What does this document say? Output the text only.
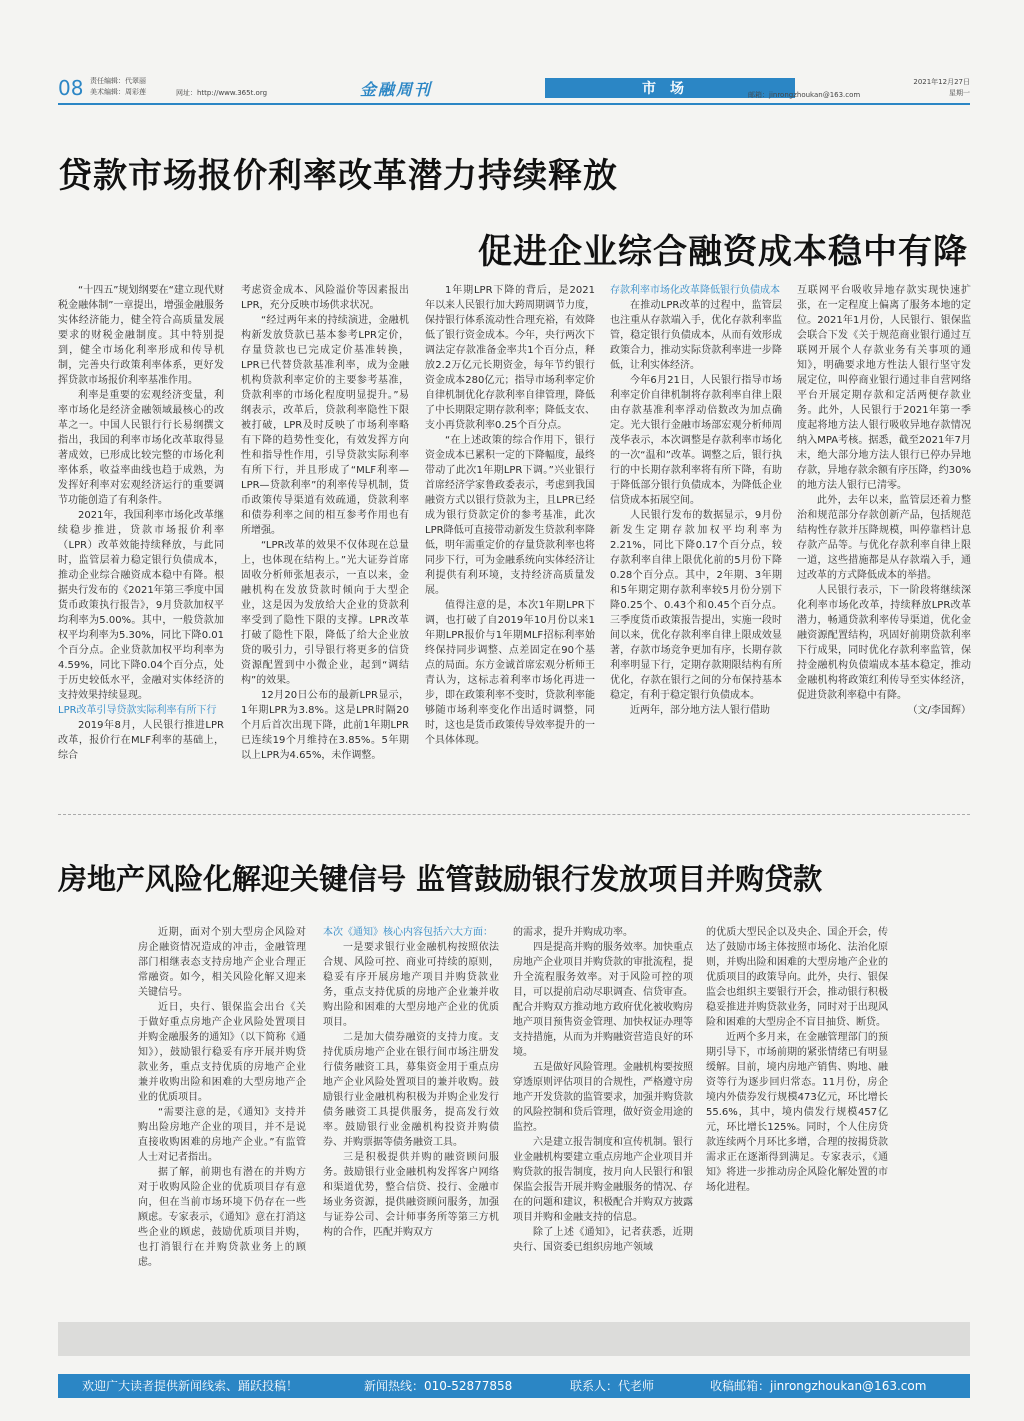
08 责任编辑：代翠丽
美术编辑：周彩莲	网址：http://www.365t.org	金融周刊	市场	邮箱：jinrongzhoukan@163.com
2021年12月27日
星期一
贷款市场报价利率改革潜力持续释放
促进企业综合融资成本稳中有降

“十四五”规划纲要在“建立现代财税金融体制”一章提出，增强金融服务实体经济能力，健全符合高质量发展要求的财税金融制度。其中特别提到，健全市场化利率形成和传导机制，完善央行政策利率体系，更好发挥贷款市场报价利率基准作用。

利率是重要的宏观经济变量，利率市场化是经济金融领域最核心的改革之一。中国人民银行行长易纲撰文指出，我国的利率市场化改革取得显著成效，已形成比较完整的市场化利率体系，收益率曲线也趋于成熟，为发挥好利率对宏观经济运行的重要调节功能创造了有利条件。

2021年，我国利率市场化改革继续稳步推进，贷款市场报价利率（LPR）改革效能持续释放，与此同时，监管层着力稳定银行负债成本，推动企业综合融资成本稳中有降。根据央行发布的《2021年第三季度中国货币政策执行报告》，9月贷款加权平均利率为5.00%。其中，一般贷款加权平均利率为5.30%，同比下降0.01个百分点。企业贷款加权平均利率为4.59%，同比下降0.04个百分点，处于历史较低水平，金融对实体经济的支持效果持续显现。

LPR改革引导贷款实际利率有所下行

2019年8月，人民银行推进LPR改革，报价行在MLF利率的基础上，综合

考虑资金成本、风险溢价等因素报出LPR，充分反映市场供求状况。

“经过两年来的持续演进，金融机构新发放贷款已基本参考LPR定价，存量贷款也已完成定价基准转换，LPR已代替贷款基准利率，成为金融机构贷款利率定价的主要参考基准，贷款利率的市场化程度明显提升。”易纲表示，改革后，贷款利率隐性下限被打破，LPR及时反映了市场利率略有下降的趋势性变化，有效发挥方向性和指导性作用，引导贷款实际利率有所下行，并且形成了“MLF利率—LPR—贷款利率”的利率传导机制，货币政策传导渠道有效疏通，贷款利率和债券利率之间的相互参考作用也有所增强。

“LPR改革的效果不仅体现在总量上，也体现在结构上。”光大证券首席固收分析师张旭表示，一直以来，金融机构在发放贷款时倾向于大型企业，这是因为发放给大企业的贷款利率受到了隐性下限的支撑。LPR改革打破了隐性下限，降低了给大企业放贷的吸引力，引导银行将更多的信贷资源配置到中小微企业，起到“调结构”的效果。

12月20日公布的最新LPR显示，1年期LPR为3.8%。这是LPR时隔20个月后首次出现下降，此前1年期LPR已连续19个月维持在3.85%。5年期以上LPR为4.65%，未作调整。

1年期LPR下降的背后，是2021年以来人民银行加大跨周期调节力度，保持银行体系流动性合理充裕，有效降低了银行资金成本。今年，央行两次下调法定存款准备金率共1个百分点，释放2.2万亿元长期资金，每年节约银行资金成本280亿元；指导市场利率定价自律机制优化存款利率自律管理，降低了中长期限定期存款利率；降低支农、支小再贷款利率0.25个百分点。

“在上述政策的综合作用下，银行资金成本已累积一定的下降幅度，最终带动了此次1年期LPR下调。”兴业银行首席经济学家鲁政委表示，考虑到我国融资方式以银行贷款为主，且LPR已经成为银行贷款定价的参考基准，此次LPR降低可直接带动新发生贷款利率降低，明年需重定价的存量贷款利率也将同步下行，可为金融系统向实体经济让利提供有利环境，支持经济高质量发展。

值得注意的是，本次1年期LPR下调，也打破了自2019年10月份以来1年期LPR报价与1年期MLF招标利率始终保持同步调整、点差固定在90个基点的局面。东方金诚首席宏观分析师王青认为，这标志着利率市场化再进一步，即在政策利率不变时，贷款利率能够随市场利率变化作出适时调整，同时，这也是货币政策传导效率提升的一个具体体现。

存款利率市场化改革降低银行负债成本

在推动LPR改革的过程中，监管层也注重从存款端入手，优化存款利率监管，稳定银行负债成本，从而有效形成政策合力，推动实际贷款利率进一步降低，让利实体经济。

今年6月21日，人民银行指导市场利率定价自律机制将存款利率自律上限由存款基准利率浮动倍数改为加点确定。光大银行金融市场部宏观分析师周茂华表示，本次调整是存款利率市场化的一次“温和”改革。调整之后，银行执行的中长期存款利率将有所下降，有助于降低部分银行负债成本，为降低企业信贷成本拓展空间。

人民银行发布的数据显示，9月份新发生定期存款加权平均利率为2.21%，同比下降0.17个百分点，较存款利率自律上限优化前的5月份下降0.28个百分点。其中，2年期、3年期和5年期定期存款利率较5月份分别下降0.25个、0.43个和0.45个百分点。三季度货币政策报告提出，实施一段时间以来，优化存款利率自律上限成效显著，存款市场竞争更加有序，长期存款利率明显下行，定期存款期限结构有所优化，存款在银行之间的分布保持基本稳定，有利于稳定银行负债成本。

近两年，部分地方法人银行借助

互联网平台吸收异地存款实现快速扩张，在一定程度上偏离了服务本地的定位。2021年1月份，人民银行、银保监会联合下发《关于规范商业银行通过互联网开展个人存款业务有关事项的通知》，明确要求地方性法人银行坚守发展定位，叫停商业银行通过非自营网络平台开展定期存款和定活两便存款业务。此外，人民银行于2021年第一季度起将地方法人银行吸收异地存款情况纳入MPA考核。据悉，截至2021年7月末，绝大部分地方法人银行已停办异地存款，异地存款余额有序压降，约30%的地方法人银行已清零。

此外，去年以来，监管层还着力整治和规范部分存款创新产品，包括规范结构性存款并压降规模，叫停靠档计息存款产品等。与优化存款利率自律上限一道，这些措施都是从存款端入手，通过改革的方式降低成本的举措。

人民银行表示，下一阶段将继续深化利率市场化改革，持续释放LPR改革潜力，畅通贷款利率传导渠道，优化金融资源配置结构，巩固好前期贷款利率下行成果，同时优化存款利率监管，保持金融机构负债端成本基本稳定，推动金融机构将政策红利传导至实体经济，促进贷款利率稳中有降。

（文/李国辉）

房地产风险化解迎关键信号 监管鼓励银行发放项目并购贷款

近期，面对个别大型房企风险对房企融资情况造成的冲击，金融管理部门相继表态支持房地产企业合理正常融资。如今，相关风险化解又迎来关键信号。

近日，央行、银保监会出台《关于做好重点房地产企业风险处置项目并购金融服务的通知》（以下简称《通知》），鼓励银行稳妥有序开展并购贷款业务，重点支持优质的房地产企业兼并收购出险和困难的大型房地产企业的优质项目。

“需要注意的是，《通知》支持并购出险房地产企业的项目，并不是说直接收购困难的房地产企业。”有监管人士对记者指出。

据了解，前期也有潜在的并购方对于收购风险企业的优质项目存有意向，但在当前市场环境下仍存在一些顾虑。专家表示，《通知》意在打消这些企业的顾虑，鼓励优质项目并购，也打消银行在并购贷款业务上的顾虑。

本次《通知》核心内容包括六大方面：

一是要求银行业金融机构按照依法合规、风险可控、商业可持续的原则，稳妥有序开展房地产项目并购贷款业务，重点支持优质的房地产企业兼并收购出险和困难的大型房地产企业的优质项目。

二是加大债券融资的支持力度。支持优质房地产企业在银行间市场注册发行债务融资工具，募集资金用于重点房地产企业风险处置项目的兼并收购。鼓励银行业金融机构积极为并购企业发行债务融资工具提供服务，提高发行效率。鼓励银行业金融机构投资并购债券、并购票据等债务融资工具。

三是积极提供并购的融资顾问服务。鼓励银行业金融机构发挥客户网络和渠道优势，整合信贷、投行、金融市场业务资源，提供融资顾问服务，加强与证券公司、会计师事务所等第三方机构的合作，匹配并购双方

的需求，提升并购成功率。

四是提高并购的服务效率。加快重点房地产企业项目并购贷款的审批流程，提升全流程服务效率。对于风险可控的项目，可以提前启动尽职调查、信贷审查。配合并购双方推动地方政府优化被收购房地产项目预售资金管理、加快权证办理等支持措施，从而为并购融资营造良好的环境。

五是做好风险管理。金融机构要按照穿透原则评估项目的合规性，严格遵守房地产开发贷款的监管要求，加强并购贷款的风险控制和贷后管理，做好资金用途的监控。

六是建立报告制度和宣传机制。银行业金融机构要建立重点房地产企业项目并购贷款的报告制度，按月向人民银行和银保监会报告开展并购金融服务的情况、存在的问题和建议，积极配合并购双方披露项目并购和金融支持的信息。

除了上述《通知》，记者获悉，近期央行、国资委已组织房地产领域

的优质大型民企以及央企、国企开会，传达了鼓励市场主体按照市场化、法治化原则，并购出险和困难的大型房地产企业的优质项目的政策导向。此外，央行、银保监会也组织主要银行开会，推动银行积极稳妥推进并购贷款业务，同时对于出现风险和困难的大型房企不盲目抽贷、断贷。

近两个多月来，在金融管理部门的预期引导下，市场前期的紧张情绪已有明显缓解。目前，境内房地产销售、购地、融资等行为逐步回归常态。11月份，房企境内外债券发行规模473亿元，环比增长55.6%，其中，境内债发行规模457亿元，环比增长125%。同时，个人住房贷款连续两个月环比多增，合理的按揭贷款需求正在逐渐得到满足。专家表示，《通知》将进一步推动房企风险化解处置的市场化进程。

欢迎广大读者提供新闻线索、踊跃投稿！	新闻热线：010-52877858	联系人：代老师	收稿邮箱：jinrongzhoukan@163.com
